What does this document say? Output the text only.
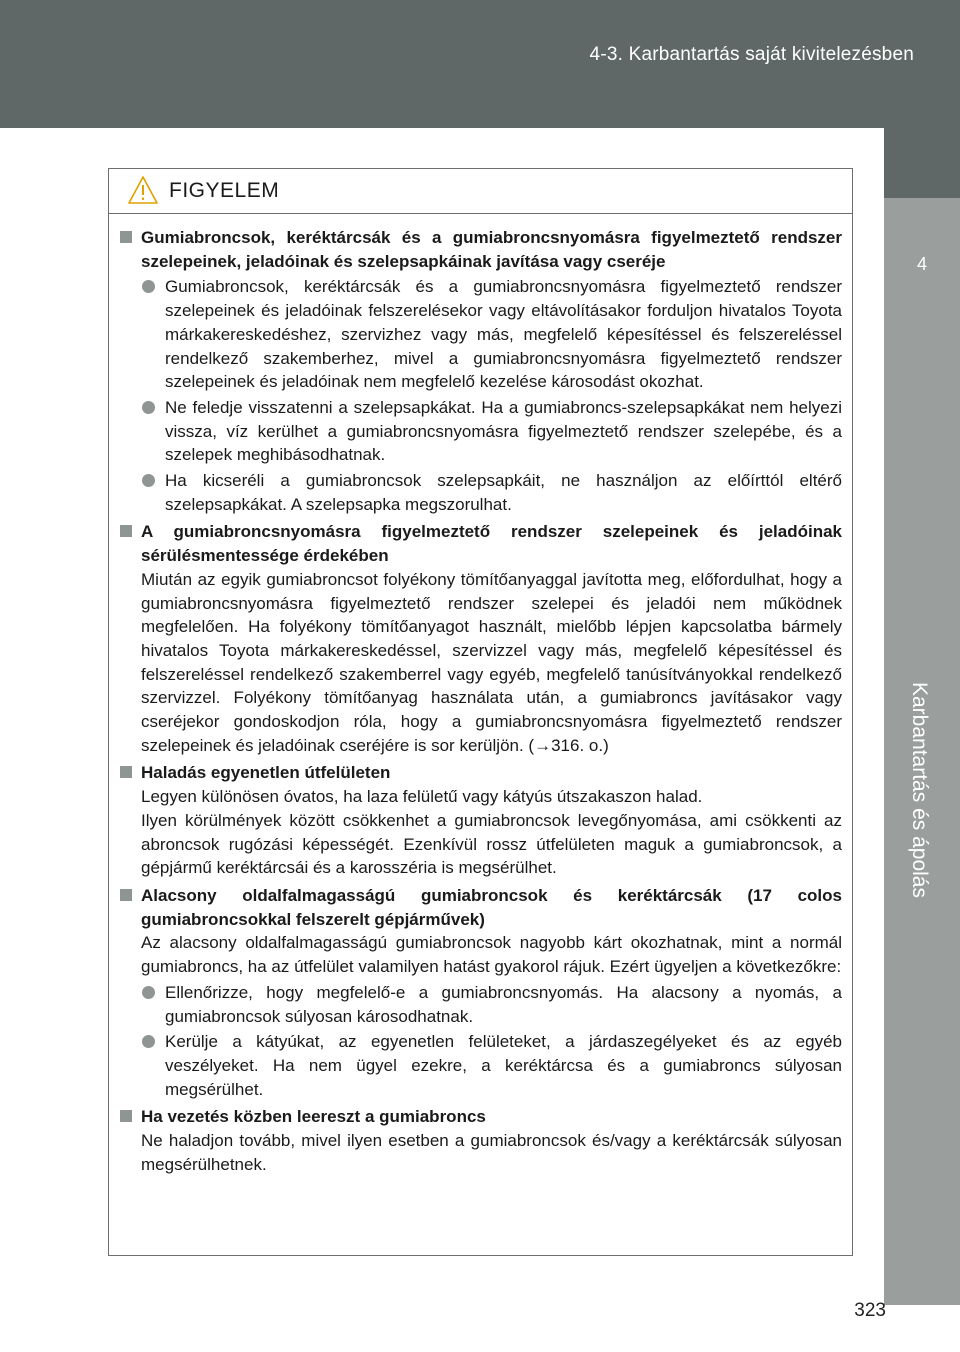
4-3. Karbantartás saját kivitelezésben
4
FIGYELEM
Gumiabroncsok, keréktárcsák és a gumiabroncsnyomásra figyelmeztető rendszer szelepeinek, jeladóinak és szelepsapkáinak javítása vagy cseréje
Gumiabroncsok, keréktárcsák és a gumiabroncsnyomásra figyelmeztető rendszer szelepeinek és jeladóinak felszerelésekor vagy eltávolításakor forduljon hivatalos Toyota márkakereskedéshez, szervizhez vagy más, megfelelő képesítéssel és felszereléssel rendelkező szakemberhez, mivel a gumiabroncsnyomásra figyelmeztető rendszer szelepeinek és jeladóinak nem megfelelő kezelése károsodást okozhat.
Ne feledje visszatenni a szelepsapkákat. Ha a gumiabroncs-szelepsapkákat nem helyezi vissza, víz kerülhet a gumiabroncsnyomásra figyelmeztető rendszer szelepébe, és a szelepek meghibásodhatnak.
Ha kicseréli a gumiabroncsok szelepsapkáit, ne használjon az előírttól eltérő szelepsapkákat. A szelepsapka megszorulhat.
A gumiabroncsnyomásra figyelmeztető rendszer szelepeinek és jeladóinak sérülésmentessége érdekében
Miután az egyik gumiabroncsot folyékony tömítőanyaggal javította meg, előfordulhat, hogy a gumiabroncsnyomásra figyelmeztető rendszer szelepei és jeladói nem működnek megfelelően. Ha folyékony tömítőanyagot használt, mielőbb lépjen kapcsolatba bármely hivatalos Toyota márkakereskedéssel, szervizzel vagy más, megfelelő képesítéssel és felszereléssel rendelkező szakemberrel vagy egyéb, megfelelő tanúsítványokkal rendelkező szervizzel. Folyékony tömítőanyag használata után, a gumiabroncs javításakor vagy cseréjekor gondoskodjon róla, hogy a gumiabroncsnyomásra figyelmeztető rendszer szelepeinek és jeladóinak cseréjére is sor kerüljön. (→316. o.)
Haladás egyenetlen útfelületen
Legyen különösen óvatos, ha laza felületű vagy kátyús útszakaszon halad.
Ilyen körülmények között csökkenhet a gumiabroncsok levegőnyomása, ami csökkenti az abroncsok rugózási képességét. Ezenkívül rossz útfelületen maguk a gumiabroncsok, a gépjármű keréktárcsái és a karosszéria is megsérülhet.
Alacsony oldalfalmagasságú gumiabroncsok és keréktárcsák (17 colos gumiabroncsokkal felszerelt gépjárművek)
Az alacsony oldalfalmagasságú gumiabroncsok nagyobb kárt okozhatnak, mint a normál gumiabroncs, ha az útfelület valamilyen hatást gyakorol rájuk. Ezért ügyeljen a következőkre:
Ellenőrizze, hogy megfelelő-e a gumiabroncsnyomás. Ha alacsony a nyomás, a gumiabroncsok súlyosan károsodhatnak.
Kerülje a kátyúkat, az egyenetlen felületeket, a járdaszegélyeket és az egyéb veszélyeket. Ha nem ügyel ezekre, a keréktárcsa és a gumiabroncs súlyosan megsérülhet.
Ha vezetés közben leereszt a gumiabroncs
Ne haladjon tovább, mivel ilyen esetben a gumiabroncsok és/vagy a keréktárcsák súlyosan megsérülhetnek.
323
